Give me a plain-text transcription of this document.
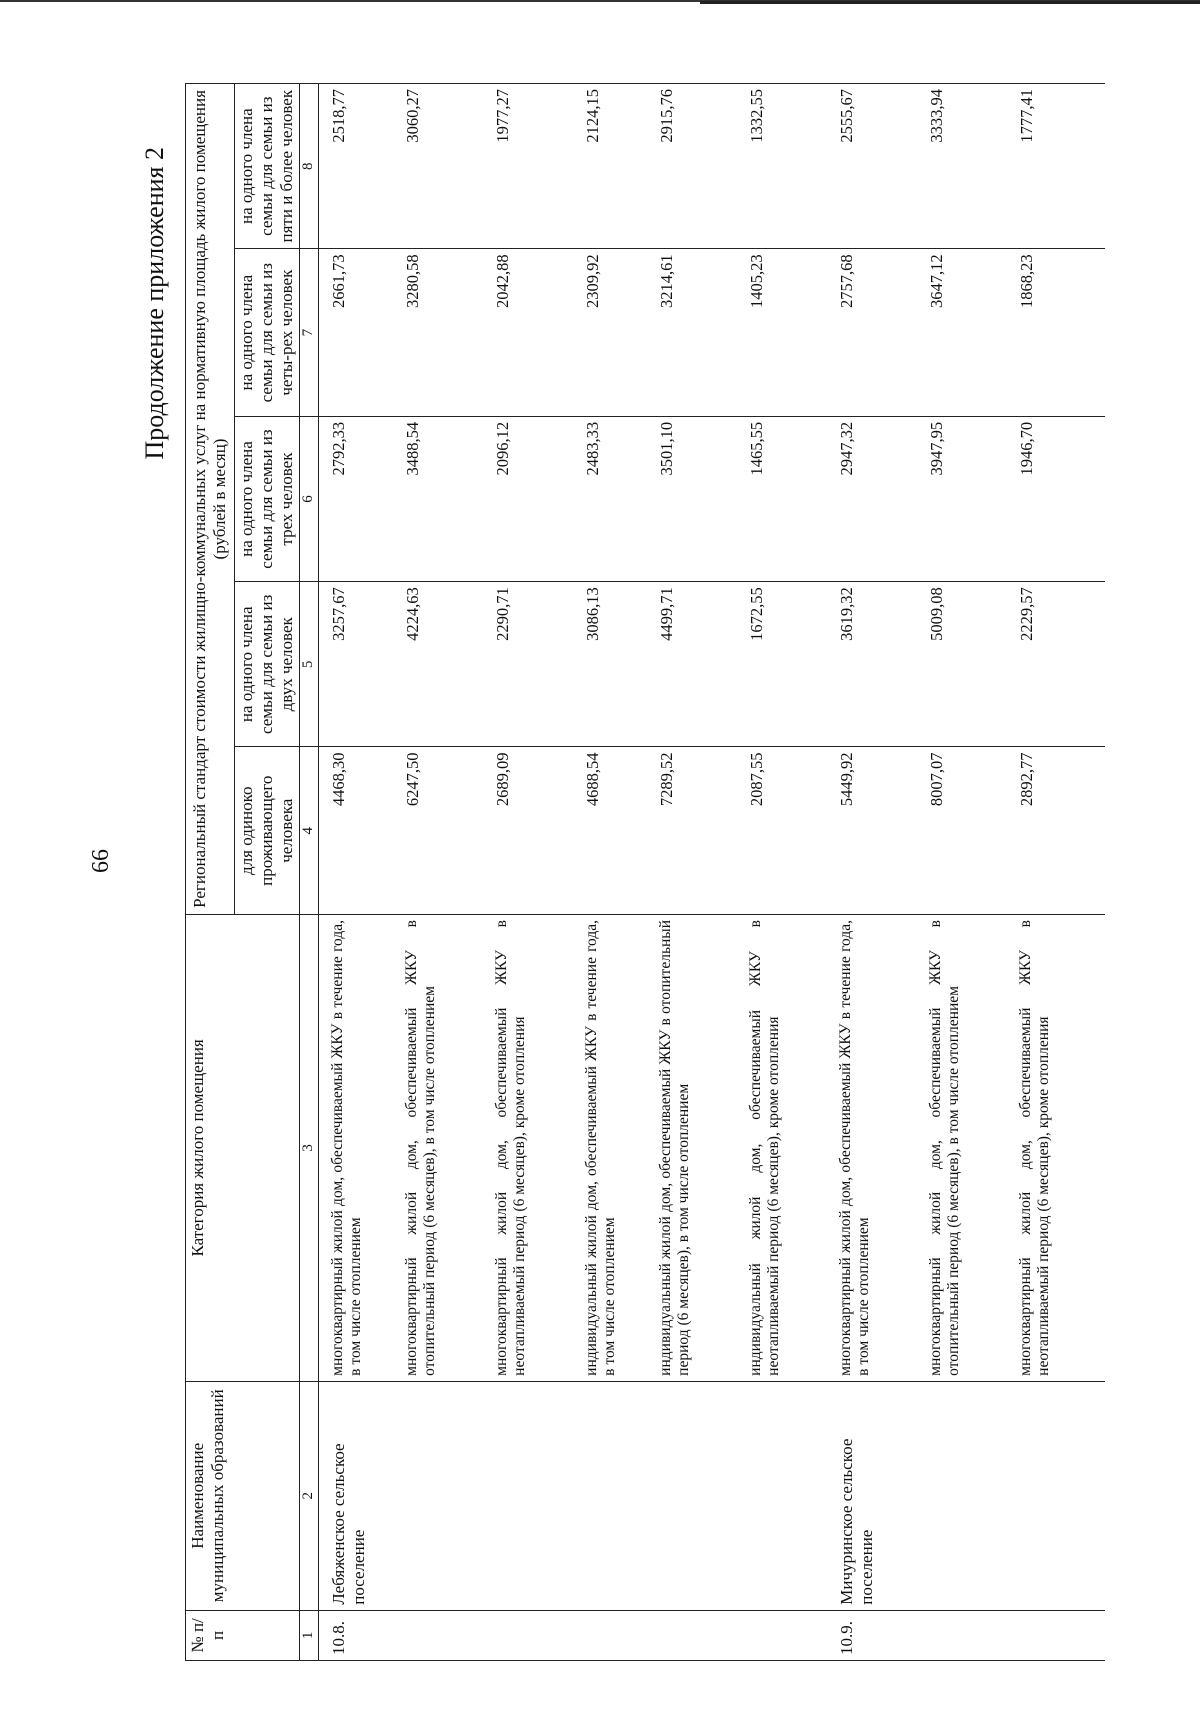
66
Продолжение приложения 2
№ п/п	Наименование муниципальных образований	Категория жилого помещения	Региональный стандарт стоимости жилищно-коммунальных услуг на нормативную площадь жилого помещения (рублей в месяц)				
			для одиноко проживающего человека	на одного члена семьи для семьи из двух человек	на одного члена семьи для семьи из трех человек	на одного члена семьи для семьи из четы-рех человек	на одного члена семьи для семьи из пяти и более человек
1	2	3	4	5	6	7	8
10.8.	Лебяженское сельское поселение	многоквартирный жилой дом, обеспечиваемый ЖКУ в течение года, в том числе отоплением	4468,30	3257,67	2792,33	2661,73	2518,77
		многоквартирный жилой дом, обеспечиваемый ЖКУ в отопительный период (6 месяцев), в том числе отоплением	6247,50	4224,63	3488,54	3280,58	3060,27
		многоквартирный жилой дом, обеспечиваемый ЖКУ в неотапливаемый период (6 месяцев), кроме отопления	2689,09	2290,71	2096,12	2042,88	1977,27
		индивидуальный жилой дом, обеспечиваемый ЖКУ в течение года, в том числе отоплением	4688,54	3086,13	2483,33	2309,92	2124,15
		индивидуальный жилой дом, обеспечиваемый ЖКУ в отопительный период (6 месяцев), в том числе отоплением	7289,52	4499,71	3501,10	3214,61	2915,76
		индивидуальный жилой дом, обеспечиваемый ЖКУ в неотапливаемый период (6 месяцев), кроме отопления	2087,55	1672,55	1465,55	1405,23	1332,55
10.9.	Мичуринское сельское поселение	многоквартирный жилой дом, обеспечиваемый ЖКУ в течение года, в том числе отоплением	5449,92	3619,32	2947,32	2757,68	2555,67
		многоквартирный жилой дом, обеспечиваемый ЖКУ в отопительный период (6 месяцев), в том числе отоплением	8007,07	5009,08	3947,95	3647,12	3333,94
		многоквартирный жилой дом, обеспечиваемый ЖКУ в неотапливаемый период (6 месяцев), кроме отопления	2892,77	2229,57	1946,70	1868,23	1777,41
